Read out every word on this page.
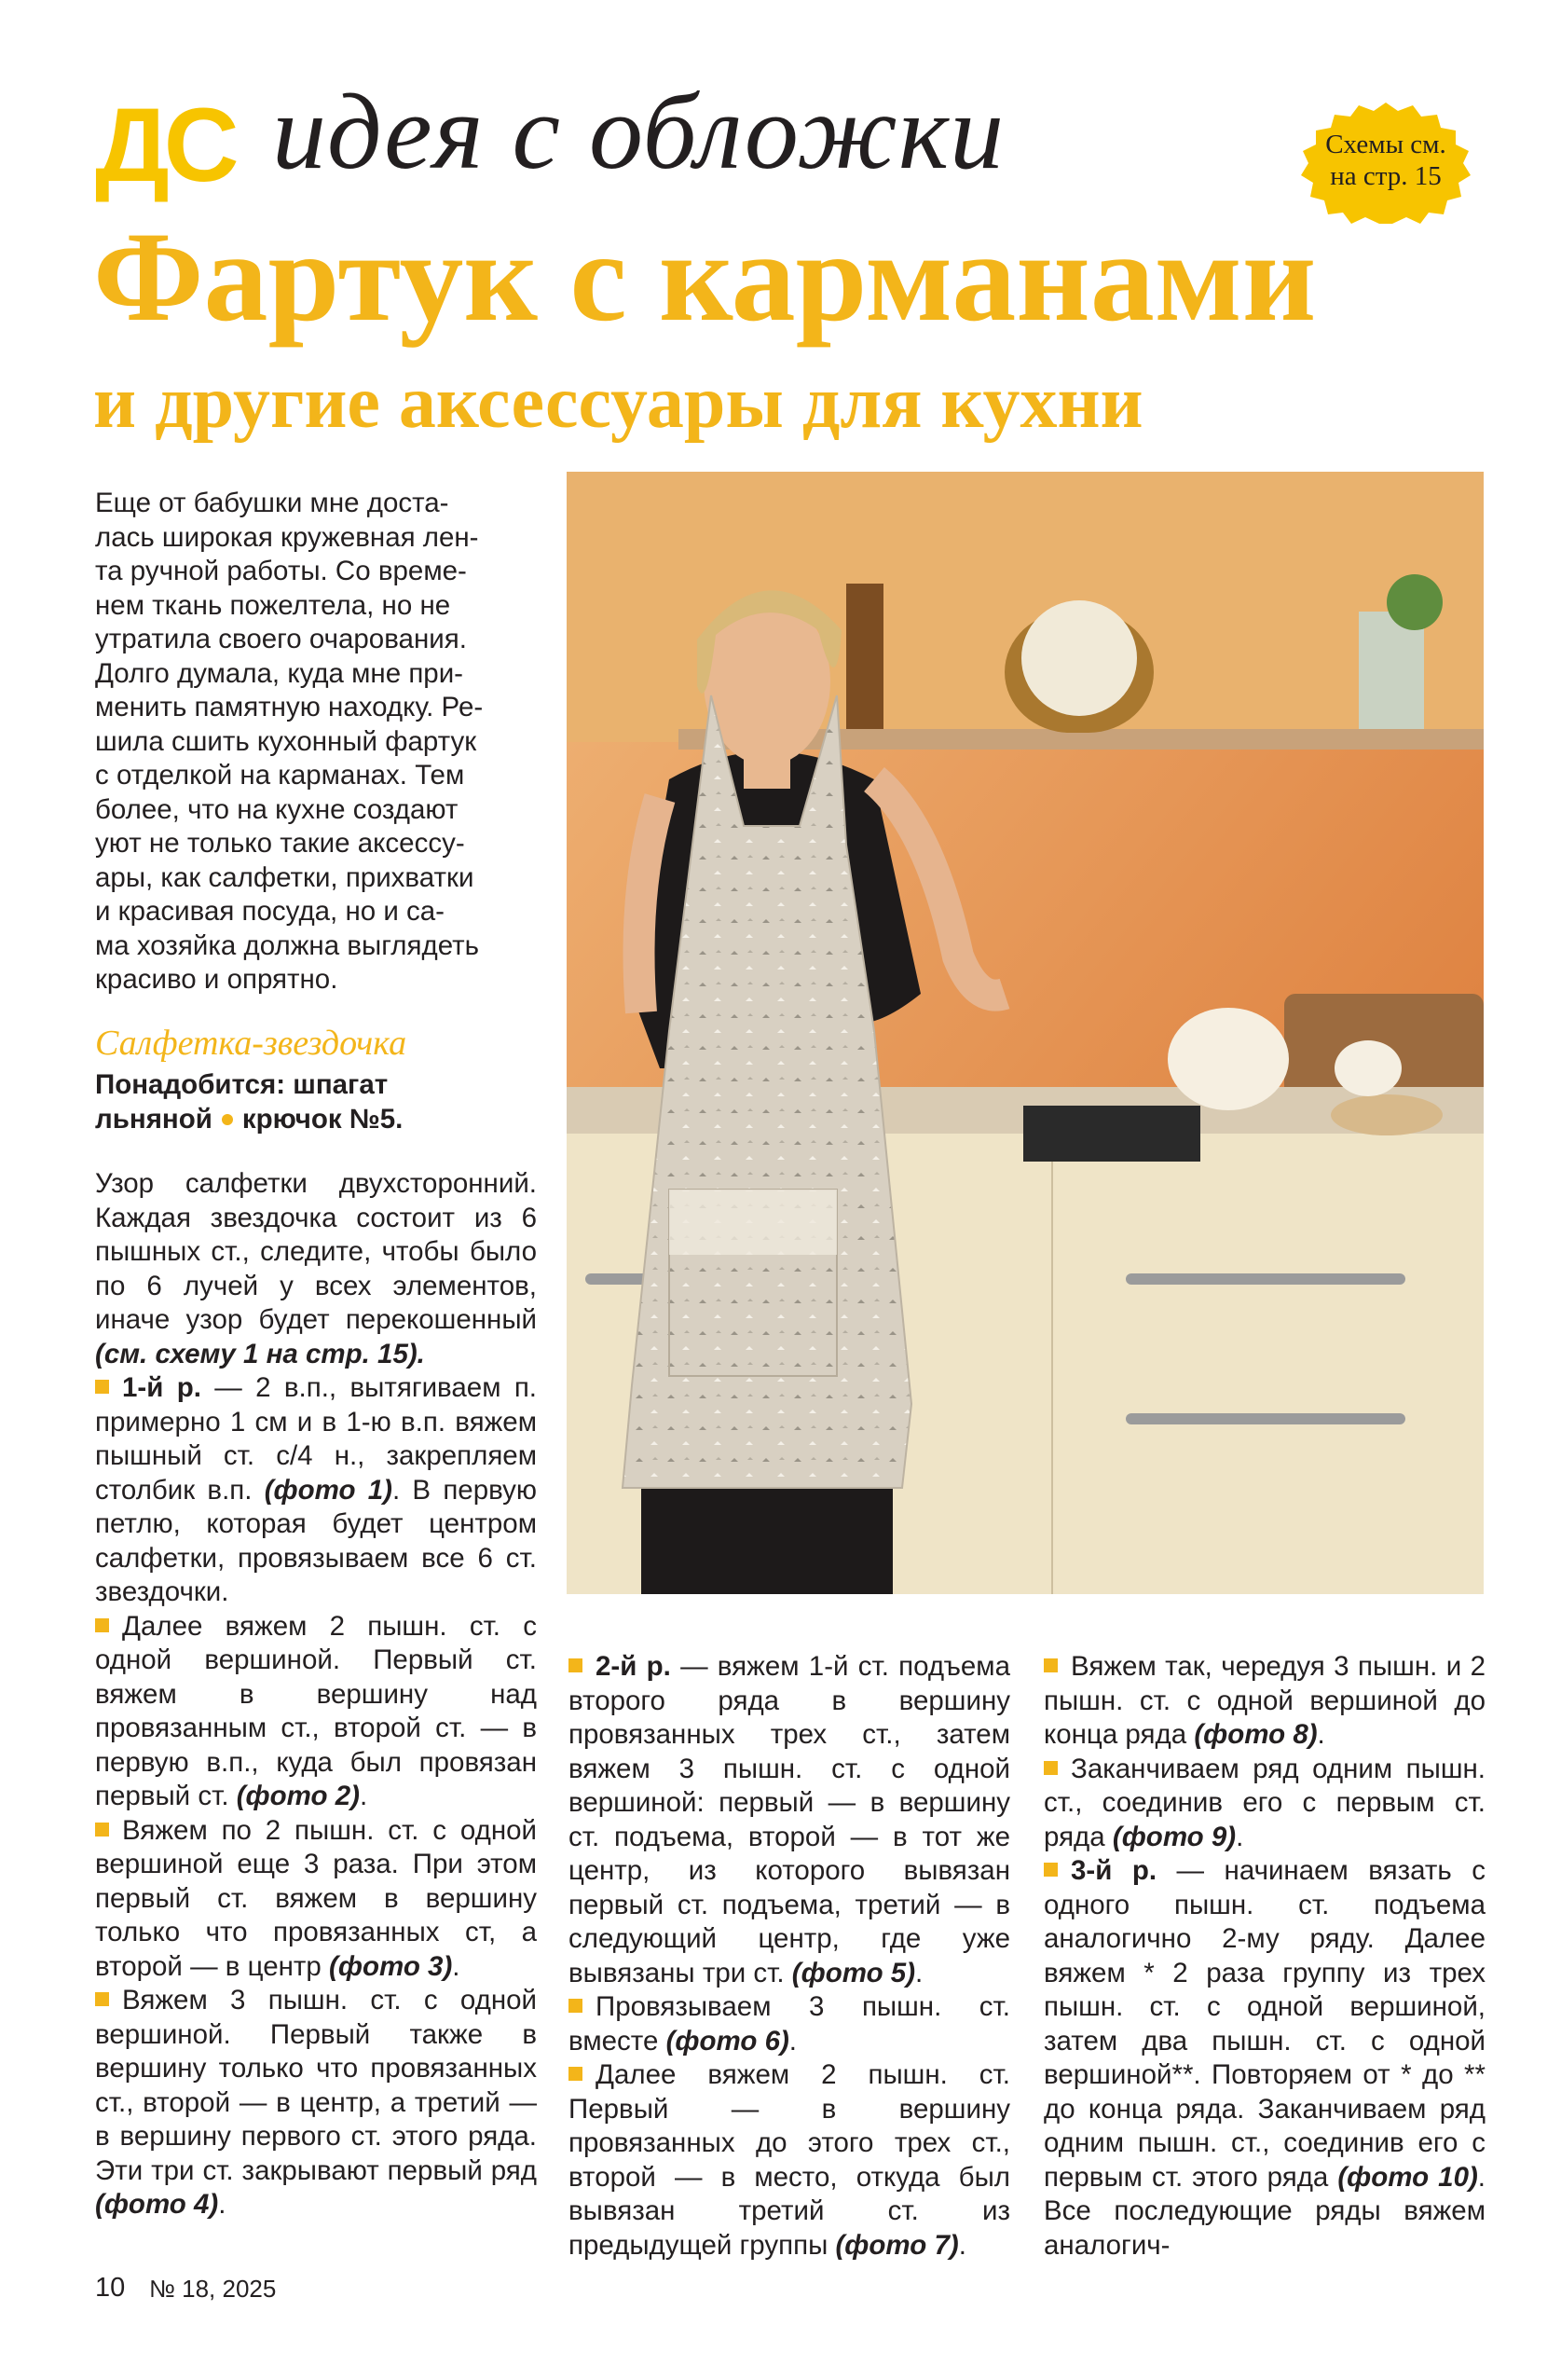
ДС идея с обложки	Схемы см.
на стр. 15
Фартук с карманами
и другие аксессуары для кухни

Еще от бабушки мне доста-

лась широкая кружевная лен-

та ручной работы. Со време-

нем ткань пожелтела, но не

утратила своего очарования.

Долго думала, куда мне при-

менить памятную находку. Ре-

шила сшить кухонный фартук

с отделкой на карманах. Тем

более, что на кухне создают

уют не только такие аксессу-

ары, как салфетки, прихватки

и красивая посуда, но и са-

ма хозяйка должна выглядеть

красиво и опрятно.

Салфетка-звездочка

Понадобится: шпагат

льняной крючок №5.

Узор салфетки двухсторонний. Каждая звездочка состоит из 6 пышных ст., следите, чтобы было по 6 лучей у всех элементов, иначе узор будет перекошенный (см. схему 1 на стр. 15).

1-й р. — 2 в.п., вытягиваем п. примерно 1 см и в 1-ю в.п. вяжем пышный ст. с/4 н., закрепляем столбик в.п. (фото 1). В первую петлю, которая будет центром салфетки, провязываем все 6 ст. звездочки.

Далее вяжем 2 пышн. ст. с одной вершиной. Первый ст. вяжем в вершину над провязанным ст., второй ст. — в первую в.п., куда был провязан первый ст. (фото 2).

Вяжем по 2 пышн. ст. с одной вершиной еще 3 раза. При этом первый ст. вяжем в вершину только что провязанных ст, а второй — в центр (фото 3).

Вяжем 3 пышн. ст. с одной вершиной. Первый также в вершину только что провязанных ст., второй — в центр, а третий — в вершину первого ст. этого ряда. Эти три ст. закрывают первый ряд (фото 4).

2-й р. — вяжем 1-й ст. подъема второго ряда в вершину провязанных трех ст., затем вяжем 3 пышн. ст. с одной вершиной: первый — в вершину ст. подъема, второй — в тот же центр, из которого вывязан первый ст. подъема, третий — в следующий центр, где уже вывязаны три ст. (фото 5).

Провязываем 3 пышн. ст. вместе (фото 6).

Далее вяжем 2 пышн. ст. Первый — в вершину провязанных до этого трех ст., второй — в место, откуда был вывязан третий ст. из предыдущей группы (фото 7).

Вяжем так, чередуя 3 пышн. и 2 пышн. ст. с одной вершиной до конца ряда (фото 8).

Заканчиваем ряд одним пышн. ст., соединив его с первым ст. ряда (фото 9).

3-й р. — начинаем вязать с одного пышн. ст. подъема аналогично 2-му ряду. Далее вяжем * 2 раза группу из трех пышн. ст. с одной вершиной, затем два пышн. ст. с одной вершиной**. Повторяем от * до ** до конца ряда. Заканчиваем ряд одним пышн. ст., соединив его с первым ст. этого ряда (фото 10). Все последующие ряды вяжем аналогич-

10 № 18, 2025
